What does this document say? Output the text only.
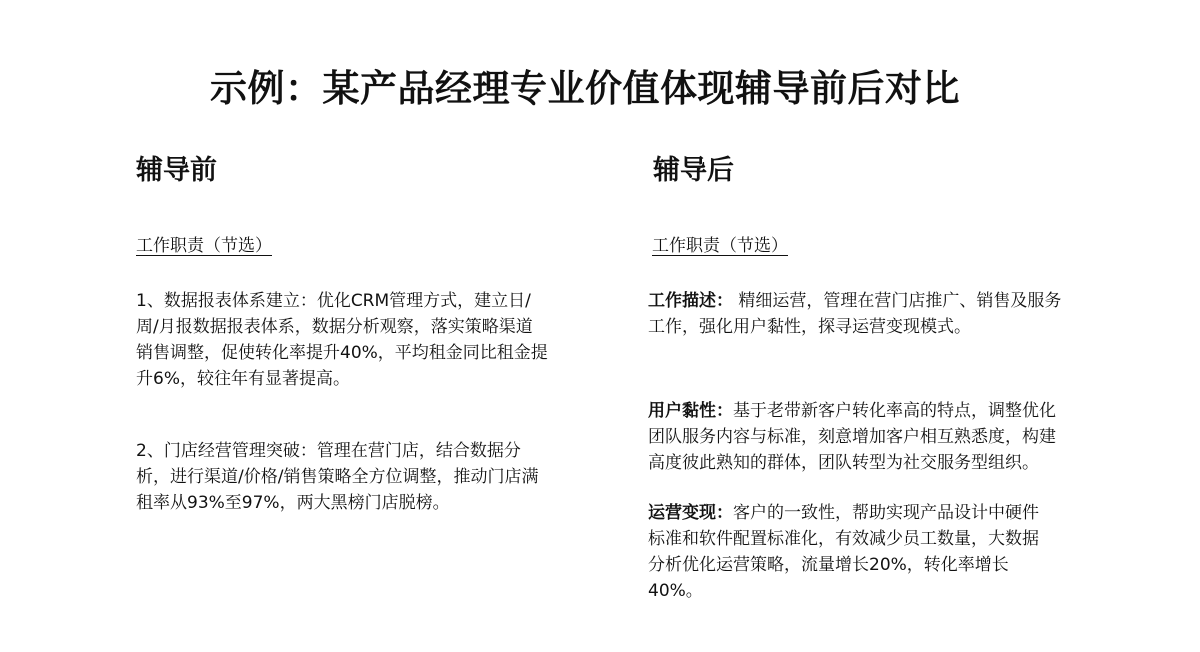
示例：某产品经理专业价值体现辅导前后对比
辅导前
工作职责（节选）

1、数据报表体系建立：优化CRM管理方式，建立日/周/月报数据报表体系，数据分析观察，落实策略渠道销售调整，促使转化率提升40%，平均租金同比租金提升6%，较往年有显著提高。

2、门店经营管理突破：管理在营门店，结合数据分析，进行渠道/价格/销售策略全方位调整，推动门店满租率从93%至97%，两大黑榜门店脱榜。

辅导后
工作职责（节选）

工作描述： 精细运营，管理在营门店推广、销售及服务工作，强化用户黏性，探寻运营变现模式。

用户黏性：基于老带新客户转化率高的特点，调整优化团队服务内容与标准，刻意增加客户相互熟悉度，构建高度彼此熟知的群体，团队转型为社交服务型组织。

运营变现：客户的一致性，帮助实现产品设计中硬件标准和软件配置标准化，有效减少员工数量，大数据分析优化运营策略，流量增长20%，转化率增长40%。
